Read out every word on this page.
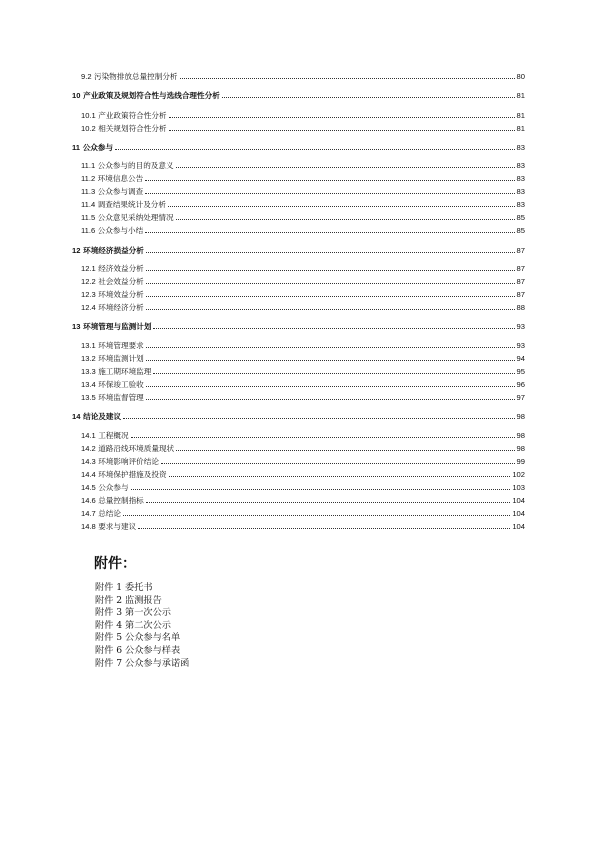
9.2 污染物排放总量控制分析	80
10 产业政策及规划符合性与选线合理性分析	81
10.1 产业政策符合性分析	81
10.2 相关规划符合性分析	81
11 公众参与	83
11.1 公众参与的目的及意义	83
11.2 环境信息公告	83
11.3 公众参与调查	83
11.4 调查结果统计及分析	83
11.5 公众意见采纳处理情况	85
11.6 公众参与小结	85
12 环境经济损益分析	87
12.1 经济效益分析	87
12.2 社会效益分析	87
12.3 环境效益分析	87
12.4 环境经济分析	88
13 环境管理与监测计划	93
13.1 环境管理要求	93
13.2 环境监测计划	94
13.3 施工期环境监理	95
13.4 环保竣工验收	96
13.5 环境监督管理	97
14 结论及建议	98
14.1 工程概况	98
14.2 道路沿线环境质量现状	98
14.3 环境影响评价结论	99
14.4 环境保护措施及投资	102
14.5 公众参与	103
14.6 总量控制指标	104
14.7 总结论	104
14.8 要求与建议	104
附件：
附件 1 委托书
附件 2 监测报告
附件 3 第一次公示
附件 4 第二次公示
附件 5 公众参与名单
附件 6 公众参与样表
附件 7 公众参与承诺函
